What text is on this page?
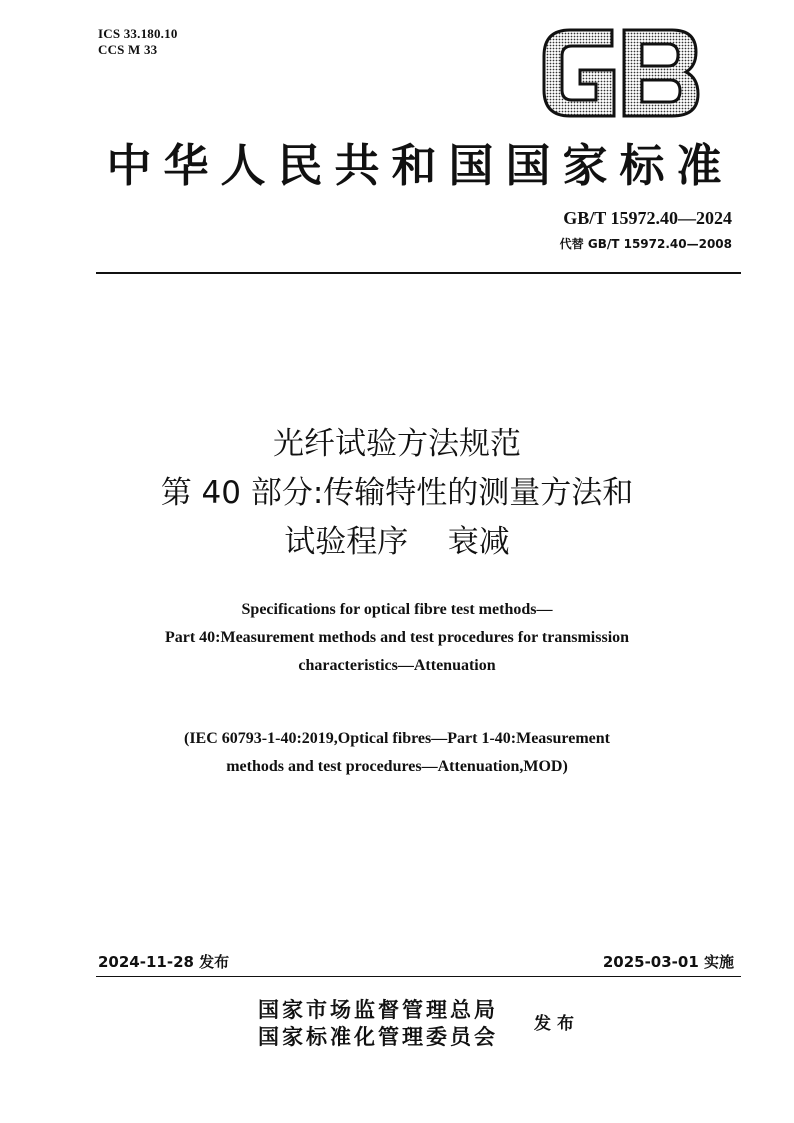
ICS 33.180.10
CCS M 33
GB
中华人民共和国国家标准
GB/T 15972.40—2024
代替 GB/T 15972.40—2008
光纤试验方法规范
第 40 部分:传输特性的测量方法和
试验程序    衰减
Specifications for optical fibre test methods—
Part 40:Measurement methods and test procedures for transmission
characteristics—Attenuation
(IEC 60793-1-40:2019,Optical fibres—Part 1-40:Measurement
methods and test procedures—Attenuation,MOD)
2024-11-28 发布	2025-03-01 实施
国家市场监督管理总局
国家标准化管理委员会 发布
